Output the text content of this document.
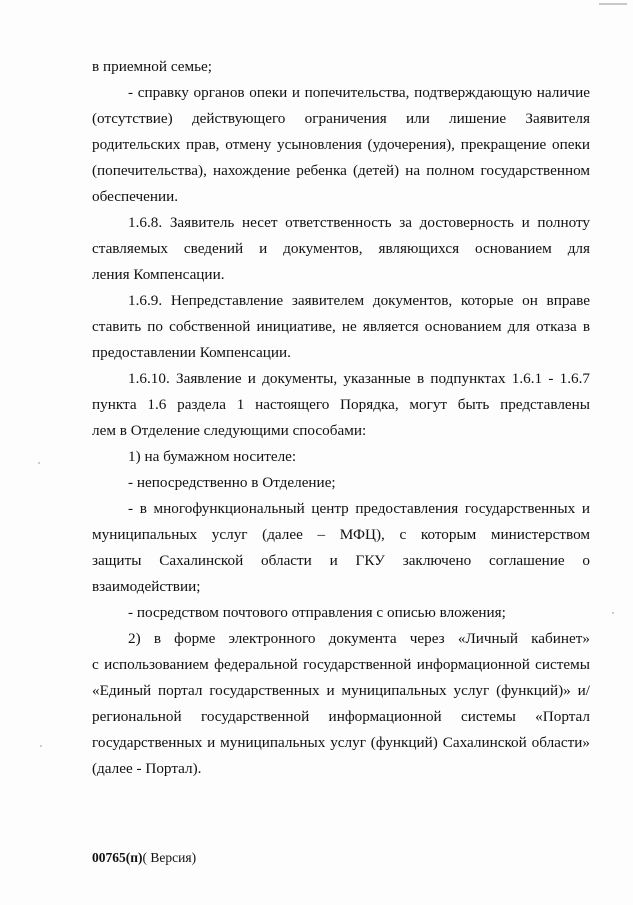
в приемной семье;
- справку органов опеки и попечительства, подтверждающую наличие
(отсутствие) действующего ограничения или лишение Заявителя
родительских прав, отмену усыновления (удочерения), прекращение опеки
(попечительства), нахождение ребенка (детей) на полном государственном
обеспечении.
1.6.8. Заявитель несет ответственность за достоверность и полноту
ставляемых сведений и документов, являющихся основанием для
ления Компенсации.
1.6.9. Непредставление заявителем документов, которые он вправе
ставить по собственной инициативе, не является основанием для отказа в
предоставлении Компенсации.
1.6.10. Заявление и документы, указанные в подпунктах 1.6.1 - 1.6.7
пункта 1.6 раздела 1 настоящего Порядка, могут быть представлены
лем в Отделение следующими способами:
1) на бумажном носителе:
- непосредственно в Отделение;
- в многофункциональный центр предоставления государственных и
муниципальных услуг (далее – МФЦ), с которым министерством
защиты Сахалинской области и ГКУ заключено соглашение о
взаимодействии;
- посредством почтового отправления с описью вложения;
2) в форме электронного документа через «Личный кабинет»
с использованием федеральной государственной информационной системы
«Единый портал государственных и муниципальных услуг (функций)» и/
региональной государственной информационной системы «Портал
государственных и муниципальных услуг (функций) Сахалинской области»
(далее - Портал).
00765(п)( Версия)
